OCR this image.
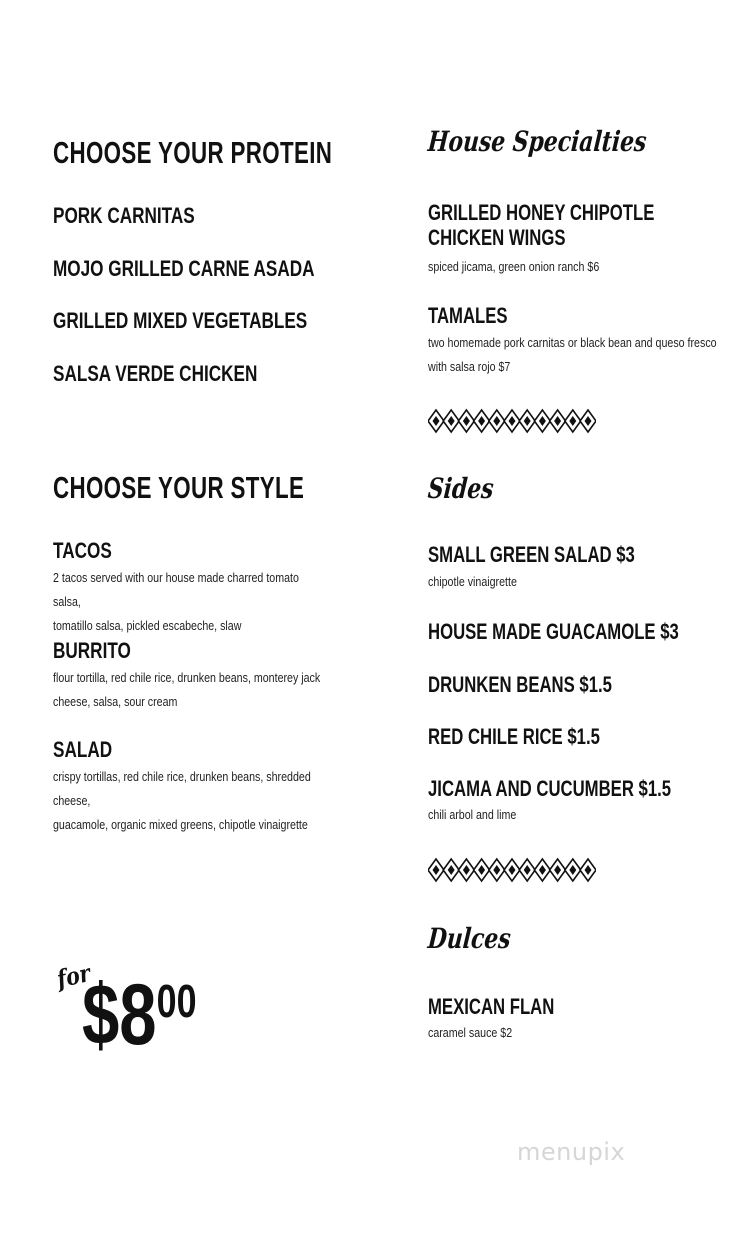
CHOOSE YOUR PROTEIN
PORK CARNITAS
MOJO GRILLED CARNE ASADA
GRILLED MIXED VEGETABLES
SALSA VERDE CHICKEN
CHOOSE YOUR STYLE
TACOS
2 tacos served with our house made charred tomato salsa,
tomatillo salsa, pickled escabeche, slaw
BURRITO
flour tortilla, red chile rice, drunken beans, monterey jack
cheese, salsa, sour cream
SALAD
crispy tortillas, red chile rice, drunken beans, shredded cheese,
guacamole, organic mixed greens, chipotle vinaigrette
for
$\$8^{00}$
House Specialties
GRILLED HONEY CHIPOTLE
CHICKEN WINGS
spiced jicama, green onion ranch $6
TAMALES
two homemade pork carnitas or black bean and queso fresco
with salsa rojo $7
Sides
SMALL GREEN SALAD $3
chipotle vinaigrette
HOUSE MADE GUACAMOLE $3
DRUNKEN BEANS $1.5
RED CHILE RICE $1.5
JICAMA AND CUCUMBER $1.5
chili arbol and lime
Dulces
MEXICAN FLAN
caramel sauce $2
menupix
